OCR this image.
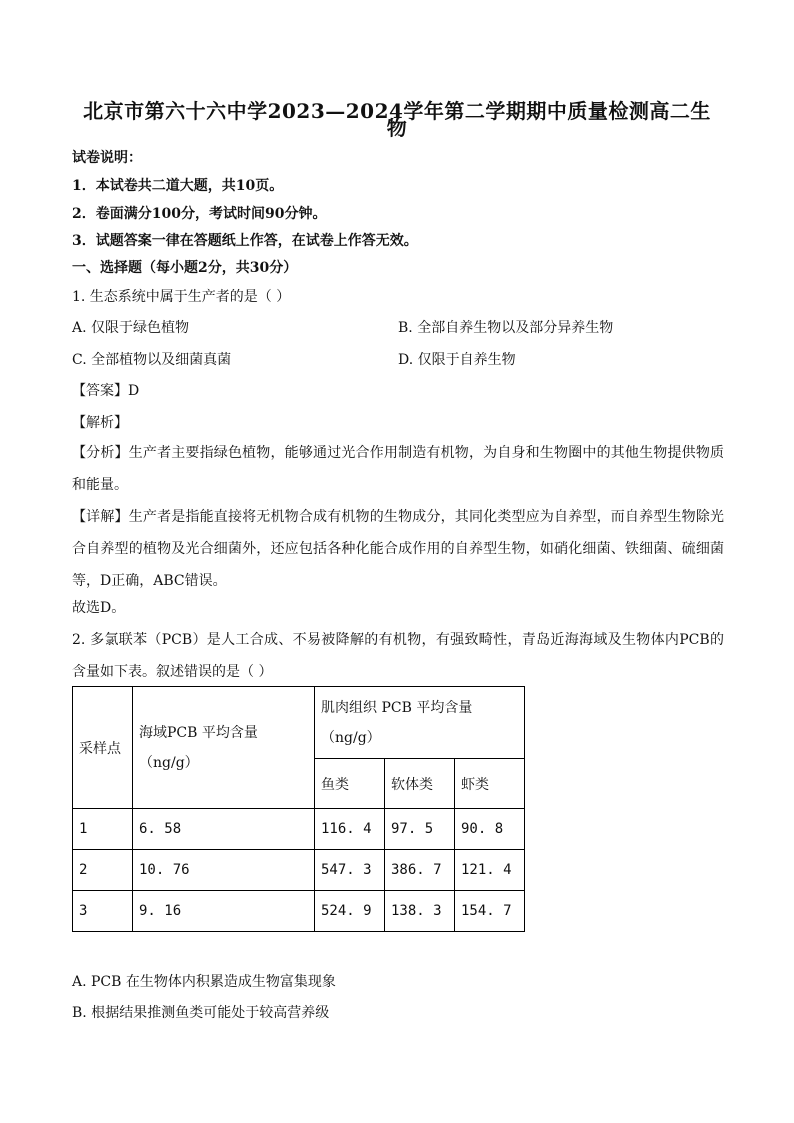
北京市第六十六中学2023—2024学年第二学期期中质量检测高二生
物
试卷说明：
1．本试卷共二道大题，共10页。
2．卷面满分100分，考试时间90分钟。
3．试题答案一律在答题纸上作答，在试卷上作答无效。
一、选择题（每小题2分，共30分）
1. 生态系统中属于生产者的是（ ）
A. 仅限于绿色植物	B. 全部自养生物以及部分异养生物
C. 全部植物以及细菌真菌	D. 仅限于自养生物
【答案】D
【解析】
【分析】生产者主要指绿色植物，能够通过光合作用制造有机物，为自身和生物圈中的其他生物提供物质和能量。
【详解】生产者是指能直接将无机物合成有机物的生物成分，其同化类型应为自养型，而自养型生物除光合自养型的植物及光合细菌外，还应包括各种化能合成作用的自养型生物，如硝化细菌、铁细菌、硫细菌等，D正确，ABC错误。
故选D。
2. 多氯联苯（PCB）是人工合成、不易被降解的有机物，有强致畸性，青岛近海海域及生物体内PCB的含量如下表。叙述错误的是（ ）
采样点	海域PCB 平均含量（ng/g）	肌肉组织 PCB 平均含量（ng/g）		
		鱼类	软体类	虾类
1	6. 58	116. 4	97. 5	90. 8
2	10. 76	547. 3	386. 7	121. 4
3	9. 16	524. 9	138. 3	154. 7
A. PCB 在生物体内积累造成生物富集现象
B. 根据结果推测鱼类可能处于较高营养级
